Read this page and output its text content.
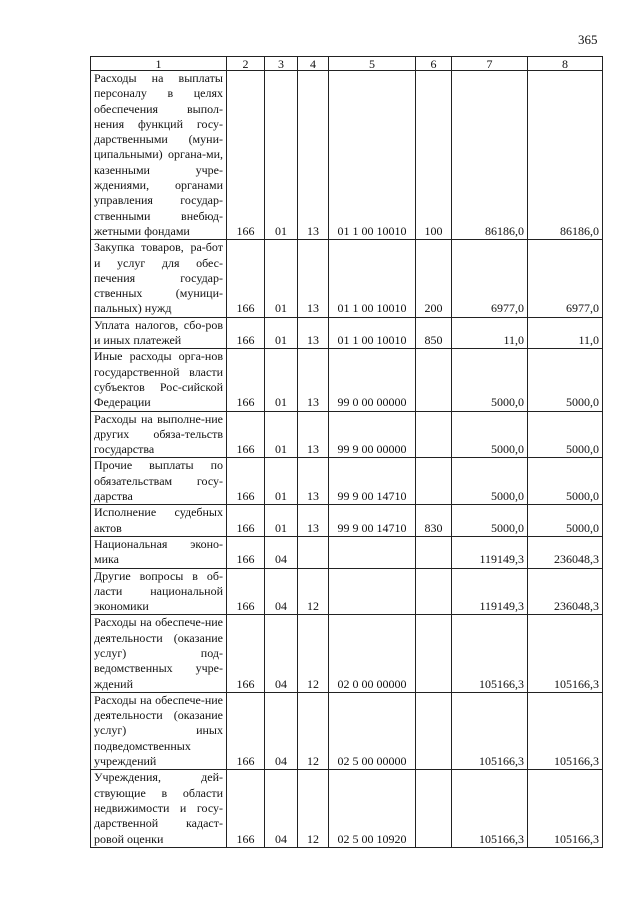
365
1	2	3	4	5	6	7	8
Расходы на выплаты персоналу в целях обеспечения выпол-нения функций госу-дарственными (муни-ципальными) органа-ми, казенными учре-ждениями, органами управления государ-ственными внебюд-жетными фондами	166	01	13	01 1 00 10010	100	86186,0	86186,0
Закупка товаров, ра-бот и услуг для обес-печения государ-ственных (муници-пальных) нужд	166	01	13	01 1 00 10010	200	6977,0	6977,0
Уплата налогов, сбо-ров и иных платежей	166	01	13	01 1 00 10010	850	11,0	11,0
Иные расходы орга-нов государственной власти субъектов Рос-сийской Федерации	166	01	13	99 0 00 00000		5000,0	5000,0
Расходы на выполне-ние других обяза-тельств государства	166	01	13	99 9 00 00000		5000,0	5000,0
Прочие выплаты по обязательствам госу-дарства	166	01	13	99 9 00 14710		5000,0	5000,0
Исполнение судебных актов	166	01	13	99 9 00 14710	830	5000,0	5000,0
Национальная эконо-мика	166	04				119149,3	236048,3
Другие вопросы в об-ласти национальной экономики	166	04	12			119149,3	236048,3
Расходы на обеспече-ние деятельности (оказание услуг) под-ведомственных учре-ждений	166	04	12	02 0 00 00000		105166,3	105166,3
Расходы на обеспече-ние деятельности (оказание услуг) иных подведомственных учреждений	166	04	12	02 5 00 00000		105166,3	105166,3
Учреждения, дей-ствующие в области недвижимости и госу-дарственной кадаст-ровой оценки	166	04	12	02 5 00 10920		105166,3	105166,3
